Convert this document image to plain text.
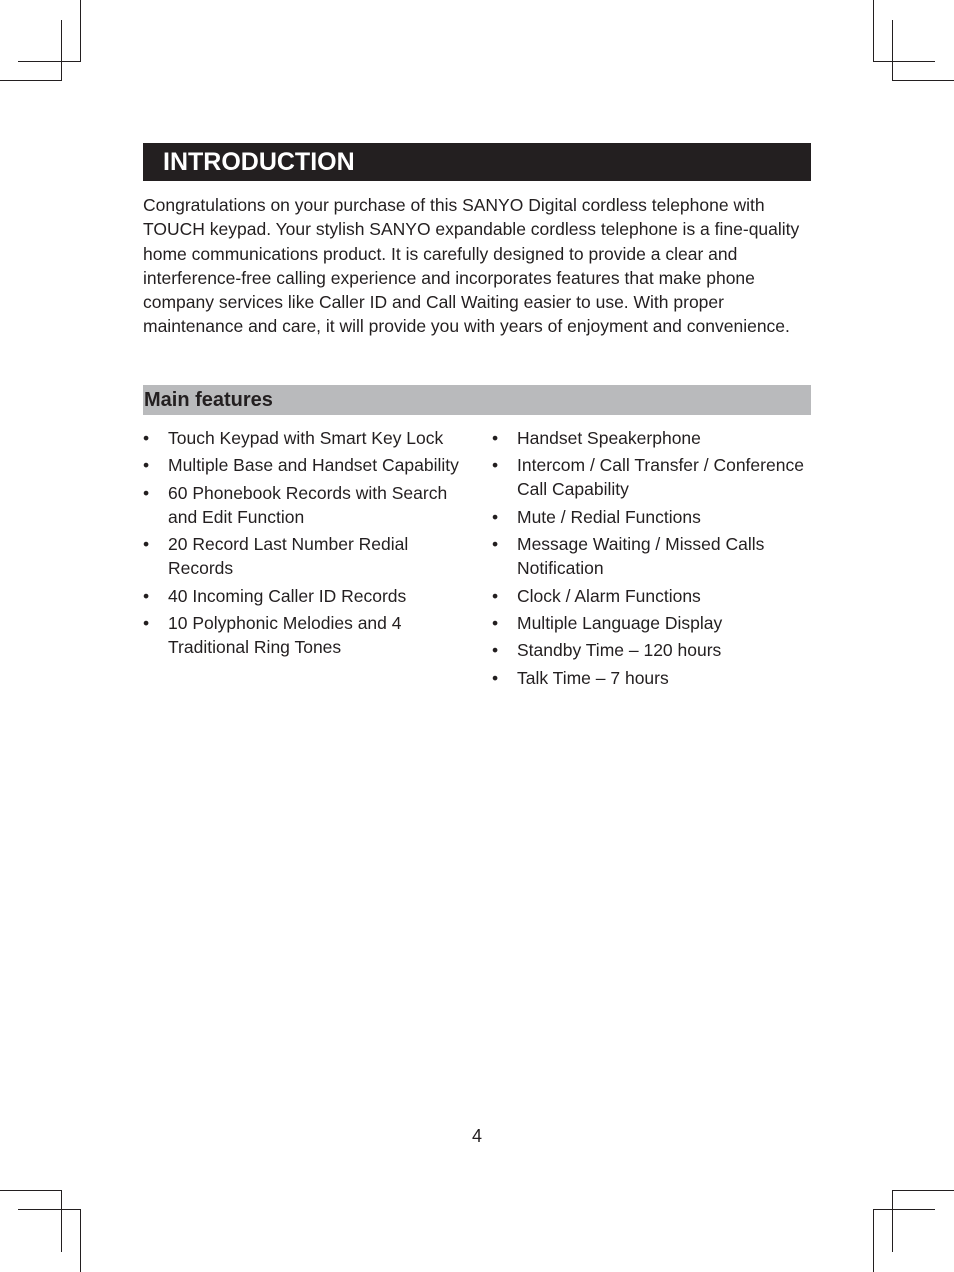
INTRODUCTION

Congratulations on your purchase of this SANYO Digital cordless telephone with TOUCH keypad. Your stylish SANYO expandable cordless telephone is a fine-quality home communications product. It is carefully designed to provide a clear and interference-free calling experience and incorporates features that make phone company services like Caller ID and Call Waiting easier to use. With proper maintenance and care, it will provide you with years of enjoyment and convenience.

Main features
• Touch Keypad with Smart Key Lock
• Multiple Base and Handset Capability
• 60 Phonebook Records with Search and Edit Function
• 20 Record Last Number Redial Records
• 40 Incoming Caller ID Records
• 10 Polyphonic Melodies and 4 Traditional Ring Tones
• Handset Speakerphone
• Intercom / Call Transfer / Conference Call Capability
• Mute / Redial Functions
• Message Waiting / Missed Calls Notification
• Clock / Alarm Functions
• Multiple Language Display
• Standby Time – 120 hours
• Talk Time – 7 hours
4
